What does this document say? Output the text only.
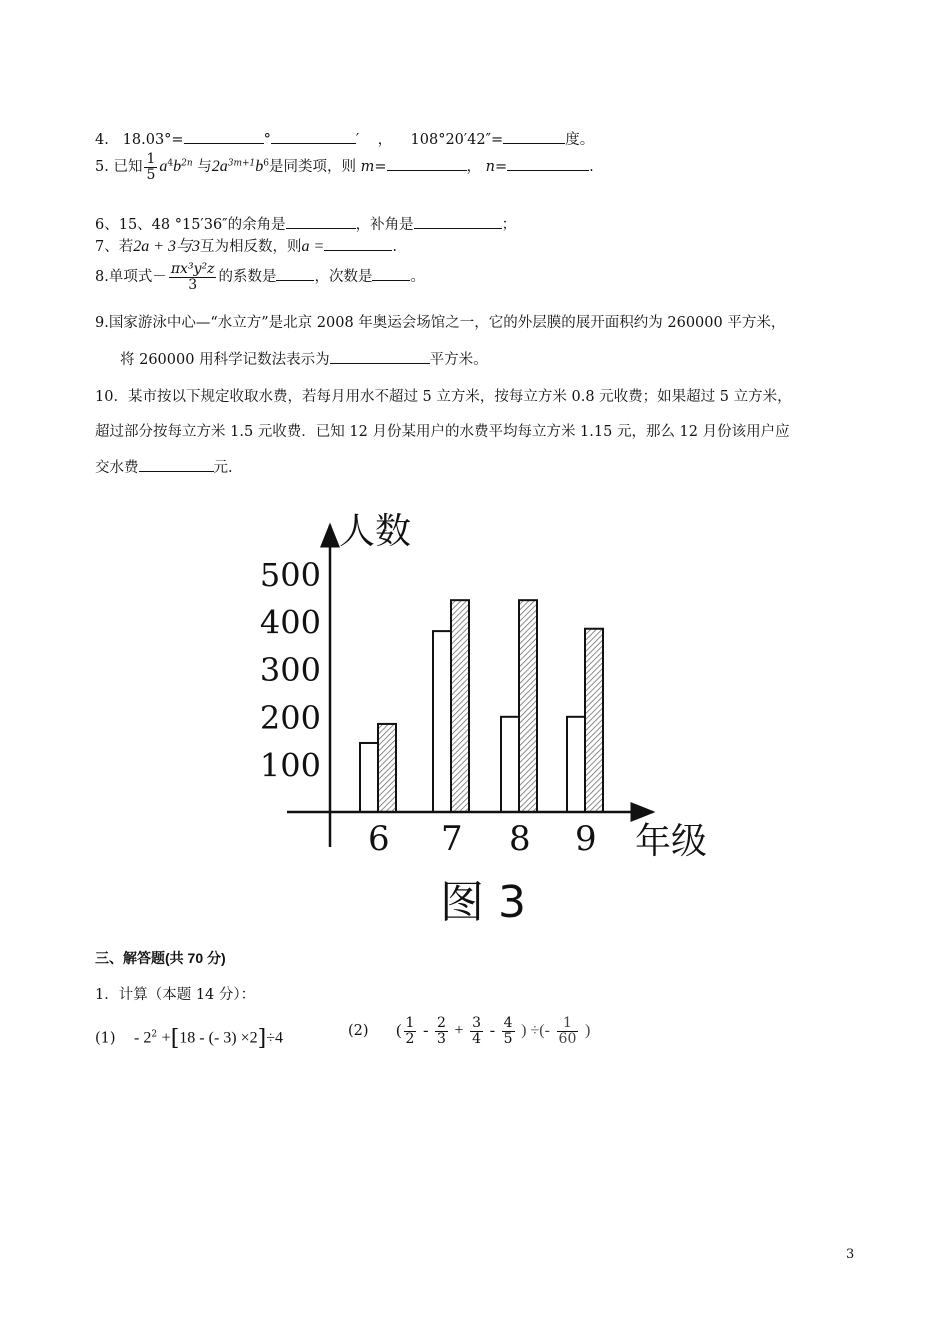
4. 18.03°=	°	′ ， 108°20′42″=	度。
5. 已知 $\frac{1}{5} a^4b^{2n}$ 与$2a^{3m+1}b^6$是同类项，则 m=	， n=	.
6、15、48 °15′36″的余角是	，补角是	；
7、若2a + 3与3互为相反数，则a =	.
8.单项式－ $\frac{\text{πx³y²z}}{3}$ 的系数是	，次数是	。
9.国家游泳中心—“水立方”是北京 2008 年奥运会场馆之一，它的外层膜的展开面积约为 260000 平方米，
将 260000 用科学记数法表示为	平方米。
10．某市按以下规定收取水费，若每月用水不超过 5 立方米，按每立方米 0.8 元收费；如果超过 5 立方米，
超过部分按每立方米 1.5 元收费．已知 12 月份某用户的水费平均每立方米 1.15 元，那么 12 月份该用户应
交水费	元.
100
200
300
400
500
6 7 8 9
人数
年级
图 3
三、解答题(共 70 分)
1．计算（本题 14 分）：
$(1) - 2^2 +[18$ - (- 3) ×2]÷4	(2) ( $\frac{1}{2} - \frac{2}{3} + \frac{3}{4} - \frac{4}{5}$ ) ÷(- $\frac{1}{60}$ )
3
